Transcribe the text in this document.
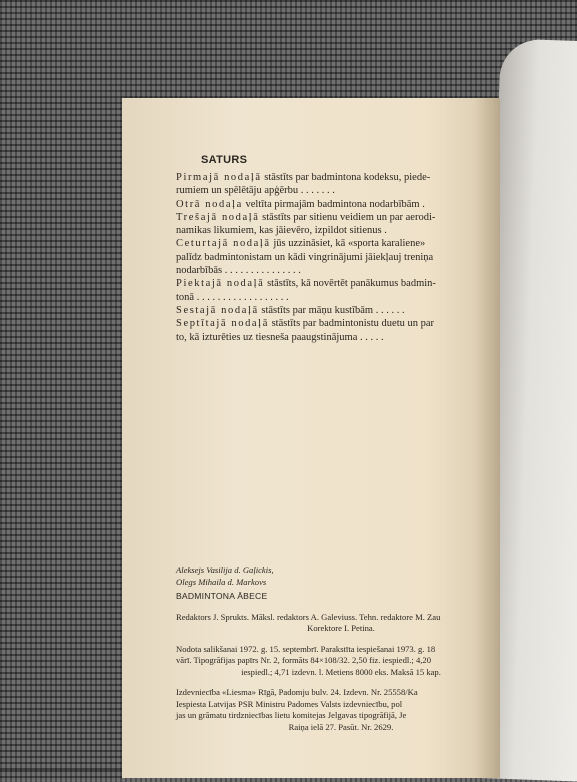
SATURS
Pirmajā nodaļā stāstīts par badmintona kodeksu, piede-
rumiem un spēlētāju apģērbu . . . . . . .
Otrā nodaļa veltīta pirmajām badmintona nodarbībām .
Trešajā nodaļā stāstīts par sitienu veidiem un par aerodi-
namikas likumiem, kas jāievēro, izpildot sitienus .
Ceturtajā nodaļā jūs uzzināsiet, kā «sporta karaliene»
palīdz badmintonistam un kādi vingrinājumi jāiekļauj treniņa
nodarbībās . . . . . . . . . . . . . . .
Piektajā nodaļā stāstīts, kā novērtēt panākumus badmin-
tonā . . . . . . . . . . . . . . . . . .
Sestajā nodaļā stāstīts par māņu kustībām . . . . . .
Septītajā nodaļā stāstīts par badmintonistu duetu un par
to, kā izturēties uz tiesneša paaugstinājuma . . . . .
Aleksejs Vasilija d. Gaļickis,
Olegs Mihaila d. Markovs
BADMINTONA ĀBECE
Redaktors J. Sprukts. Māksl. redaktors A. Galeviuss. Tehn. redaktore M. Zau
Korektore I. Petina.
Nodota salikšanai 1972. g. 15. septembrī. Parakstīta iespiešanai 1973. g. 18
vārī. Tipogrāfijas papīrs Nr. 2, formāts 84×108/32. 2,50 fiz. iespiedl.; 4,20
iespiedl.; 4,71 izdevn. l. Metiens 8000 eks. Maksā 15 kap.
Izdevniecība «Liesma» Rīgā, Padomju bulv. 24. Izdevn. Nr. 25558/Ka
Iespiesta Latvijas PSR Ministru Padomes Valsts izdevniecību, pol
jas un grāmatu tirdzniecības lietu komitejas Jelgavas tipogrāfijā, Je
Raiņa ielā 27. Pasūt. Nr. 2629.
